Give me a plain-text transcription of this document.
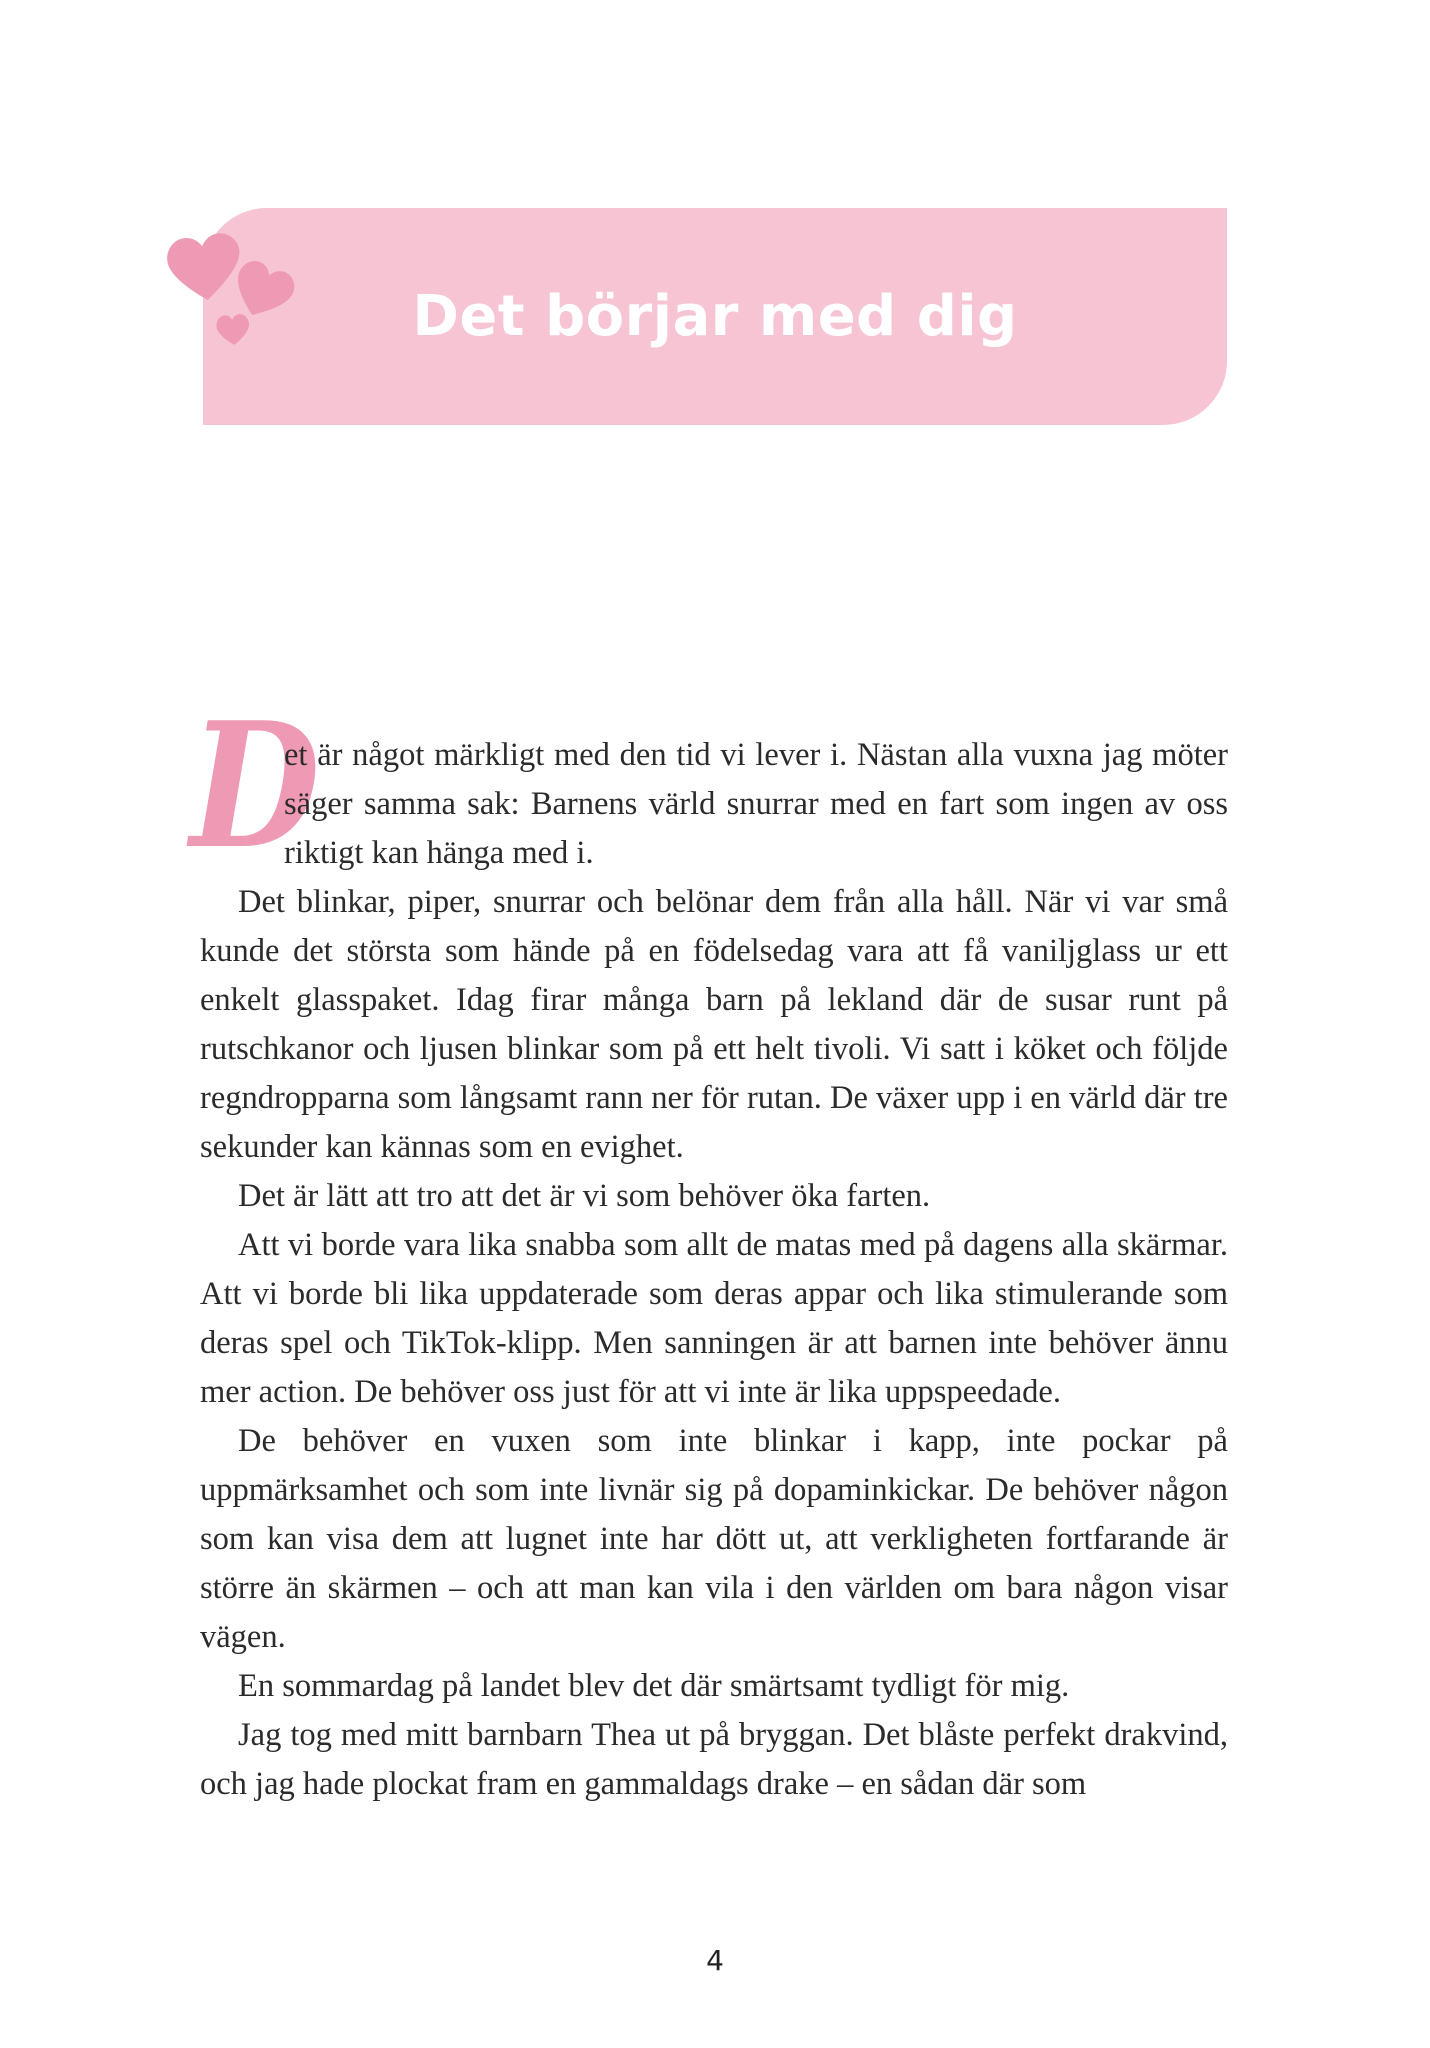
Det börjar med dig
D

et är något märkligt med den tid vi lever i. Nästan alla vuxna jag möter säger samma sak: Barnens värld snurrar med en fart som ingen av oss riktigt kan hänga med i.

Det blinkar, piper, snurrar och belönar dem från alla håll. När vi var små kunde det största som hände på en födelsedag vara att få vaniljglass ur ett enkelt glasspaket. Idag firar många barn på lekland där de susar runt på rutschkanor och ljusen blinkar som på ett helt tivoli. Vi satt i köket och följde regndropparna som långsamt rann ner för rutan. De växer upp i en värld där tre sekunder kan kännas som en evighet.

Det är lätt att tro att det är vi som behöver öka farten.

Att vi borde vara lika snabba som allt de matas med på dagens alla skärmar. Att vi borde bli lika uppdaterade som deras appar och lika stimulerande som deras spel och TikTok-klipp. Men sanningen är att barnen inte behöver ännu mer action. De behöver oss just för att vi inte är lika uppspeedade.

De behöver en vuxen som inte blinkar i kapp, inte pockar på uppmärksamhet och som inte livnär sig på dopaminkickar. De behöver någon som kan visa dem att lugnet inte har dött ut, att verkligheten fortfarande är större än skärmen – och att man kan vila i den världen om bara någon visar vägen.

En sommardag på landet blev det där smärtsamt tydligt för mig.

Jag tog med mitt barnbarn Thea ut på bryggan. Det blåste perfekt drakvind, och jag hade plockat fram en gammaldags drake – en sådan där som

4
